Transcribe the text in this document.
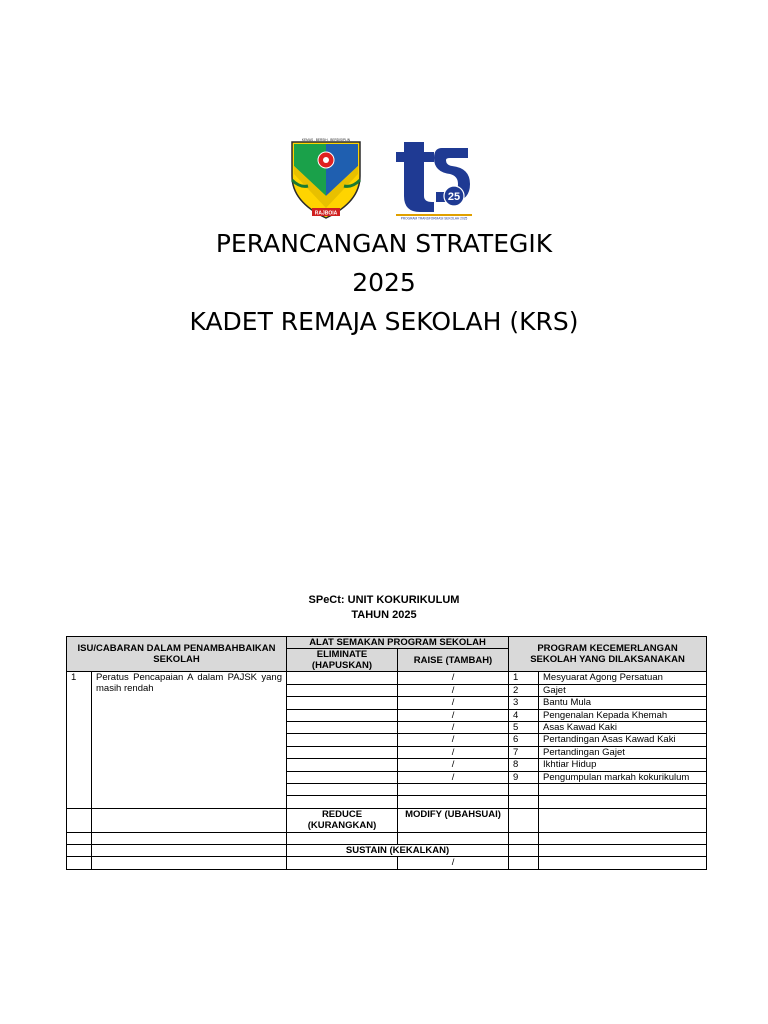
RAJBOIA
KEMAS . BERSIH . BERDISIPLIN
25
PROGRAM TRANSFORMASI SEKOLAH 2025
PERANCANGAN STRATEGIK
2025
KADET REMAJA SEKOLAH (KRS)
SPeCt: UNIT KOKURIKULUM
TAHUN 2025
ISU/CABARAN DALAM PENAMBAHBAIKAN SEKOLAH		ALAT SEMAKAN PROGRAM SEKOLAH		PROGRAM KECEMERLANGAN SEKOLAH YANG DILAKSANAKAN	
		ELIMINATE (HAPUSKAN)	RAISE (TAMBAH)		
1	Peratus Pencapaian A dalam PAJSK yang masih rendah		/	1	Mesyuarat Agong Persatuan
			/	2	Gajet
			/	3	Bantu Mula
			/	4	Pengenalan Kepada Khemah
			/	5	Asas Kawad Kaki
			/	6	Pertandingan Asas Kawad Kaki
			/	7	Pertandingan Gajet
			/	8	Ikhtiar Hidup
			/	9	Pengumpulan markah kokurikulum

		REDUCE (KURANGKAN)	MODIFY (UBAHSUAI)		

		SUSTAIN (KEKALKAN)			
			/		
